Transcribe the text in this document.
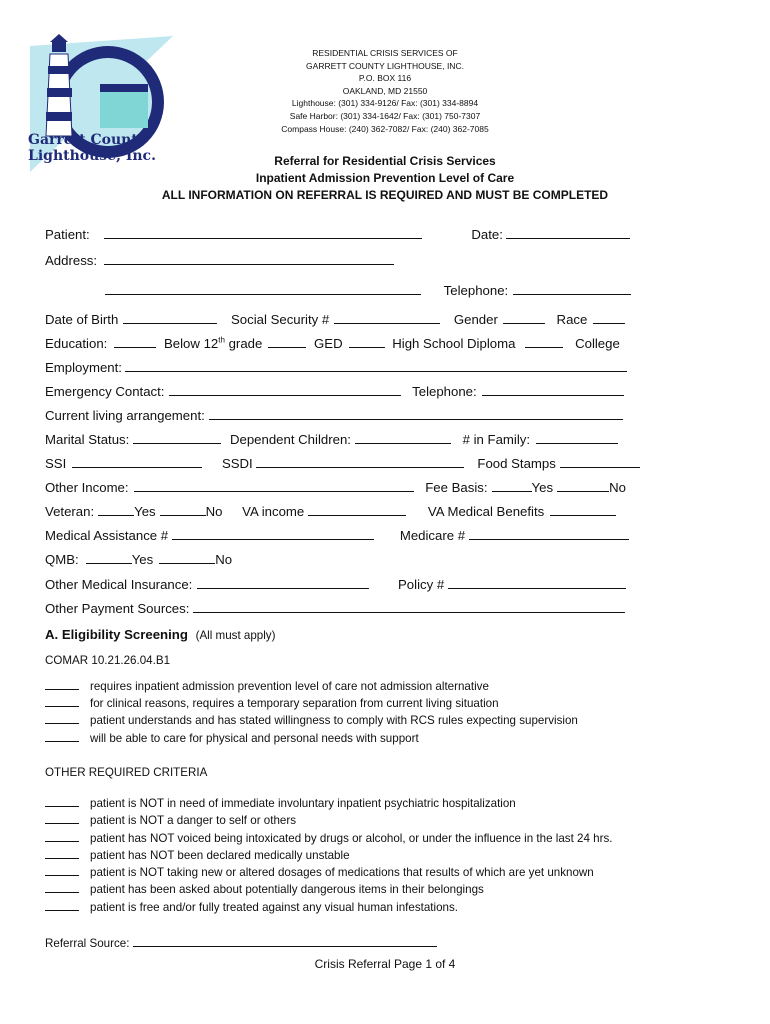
Garrett County
Lighthouse, Inc.
RESIDENTIAL CRISIS SERVICES OF
GARRETT COUNTY LIGHTHOUSE, INC.
P.O. BOX 116
OAKLAND, MD 21550
Lighthouse: (301) 334-9126/ Fax: (301) 334-8894
Safe Harbor: (301) 334-1642/ Fax: (301) 750-7307
Compass House: (240) 362-7082/ Fax: (240) 362-7085
Referral for Residential Crisis Services
Inpatient Admission Prevention Level of Care
ALL INFORMATION ON REFERRAL IS REQUIRED AND MUST BE COMPLETED
Patient:	Date:
Address:
Telephone:
Date of Birth	Social Security #	Gender	Race
Education:	Below 12th grade	GED	High School Diploma	College
Employment:
Emergency Contact:	Telephone:
Current living arrangement:
Marital Status:	Dependent Children:	# in Family:
SSI	SSDI	Food Stamps
Other Income:	Fee Basis:	Yes	No
Veteran:	Yes	No VA income	VA Medical Benefits
Medical Assistance #	Medicare #
QMB:	Yes	No
Other Medical Insurance:	Policy #
Other Payment Sources:
A. Eligibility Screening (All must apply)
COMAR 10.21.26.04.B1
requires inpatient admission prevention level of care not admission alternative
for clinical reasons, requires a temporary separation from current living situation
patient understands and has stated willingness to comply with RCS rules expecting supervision
will be able to care for physical and personal needs with support
OTHER REQUIRED CRITERIA
patient is NOT in need of immediate involuntary inpatient psychiatric hospitalization
patient is NOT a danger to self or others
patient has NOT voiced being intoxicated by drugs or alcohol, or under the influence in the last 24 hrs.
patient has NOT been declared medically unstable
patient is NOT taking new or altered dosages of medications that results of which are yet unknown
patient has been asked about potentially dangerous items in their belongings
patient is free and/or fully treated against any visual human infestations.
Referral Source:
Crisis Referral Page 1 of 4
